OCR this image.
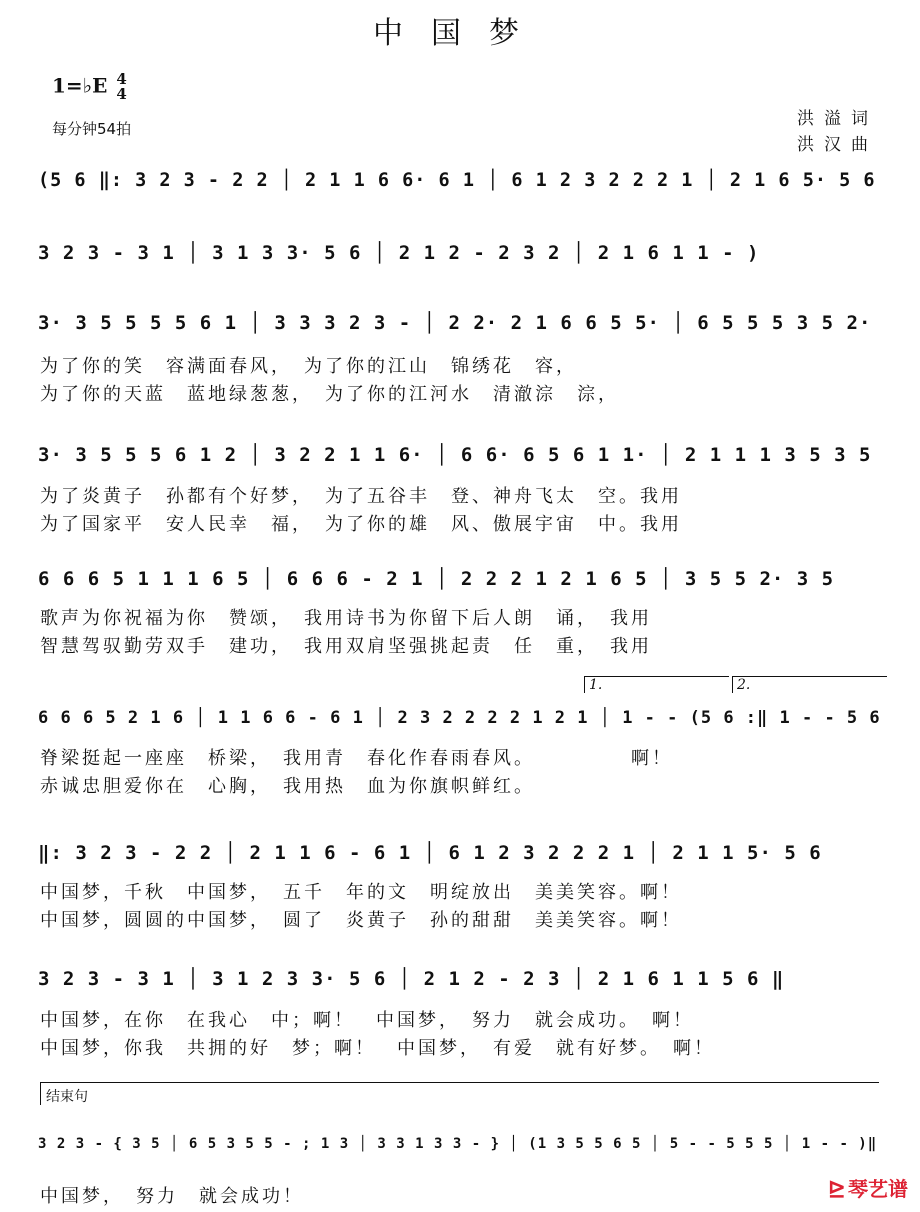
中国梦
1=♭E 4
4
每分钟54拍	洪溢词
洪汉曲
(5 6 ‖: 3 2 3 - 2 2 │ 2 1 1 6 6· 6 1 │ 6 1 2 3 2 2 2 1 │ 2 1 6 5· 5 6
3 2 3 - 3 1 │ 3 1 3 3· 5 6 │ 2 1 2 - 2 3 2 │ 2 1 6 1 1 - )
3· 3 5 5 5 5 6 1 │ 3 3 3 2 3 - │ 2 2· 2 1 6 6 5 5· │ 6 5 5 5 3 5 2·
为了你的笑　容满面春风，　为了你的江山　锦绣花　容，
为了你的天蓝　蓝地绿葱葱，　为了你的江河水　清澈淙　淙，
3· 3 5 5 5 6 1 2 │ 3 2 2 1 1 6· │ 6 6· 6 5 6 1 1· │ 2 1 1 1 3 5 3 5
为了炎黄子　孙都有个好梦，　为了五谷丰　登、神舟飞太　空。我用
为了国家平　安人民幸　福，　为了你的雄　风、傲展宇宙　中。我用
6 6 6 5 1 1 1 6 5 │ 6 6 6 - 2 1 │ 2 2 2 1 2 1 6 5 │ 3 5 5 2· 3 5
歌声为你祝福为你　赞颂，　我用诗书为你留下后人朗　诵，　我用
智慧驾驭勤劳双手　建功，　我用双肩坚强挑起责　任　重，　我用
1.	2.
6 6 6 5 2 1 6 │ 1 1 6 6 - 6 1 │ 2 3 2 2 2 2 1 2 1 │ 1 - - (5 6 :‖ 1 - - 5 6
脊梁挺起一座座　桥梁，　我用青　春化作春雨春风。　　　　　啊！
赤诚忠胆爱你在　心胸，　我用热　血为你旗帜鲜红。
‖: 3 2 3 - 2 2 │ 2 1 1 6 - 6 1 │ 6 1 2 3 2 2 2 1 │ 2 1 1 5· 5 6
中国梦，千秋　中国梦，　五千　年的文　明绽放出　美美笑容。啊！
中国梦，圆圆的中国梦，　圆了　炎黄子　孙的甜甜　美美笑容。啊！
3 2 3 - 3 1 │ 3 1 2 3 3· 5 6 │ 2 1 2 - 2 3 │ 2 1 6 1 1 5 6 ‖
中国梦，在你　在我心　中；啊！　中国梦，　努力　就会成功。　啊！
中国梦，你我　共拥的好　梦；啊！　中国梦，　有爱　就有好梦。　啊！
结束句
3 2 3 - { 3 5 │ 6 5 3 5 5 - ; 1 3 │ 3 3 1 3 3 - } │ (1 3 5 5 6 5 │ 5 - - 5 5 5 │ 1 - - )‖
中国梦，　努力　就会成功！	⊵ 琴艺谱
